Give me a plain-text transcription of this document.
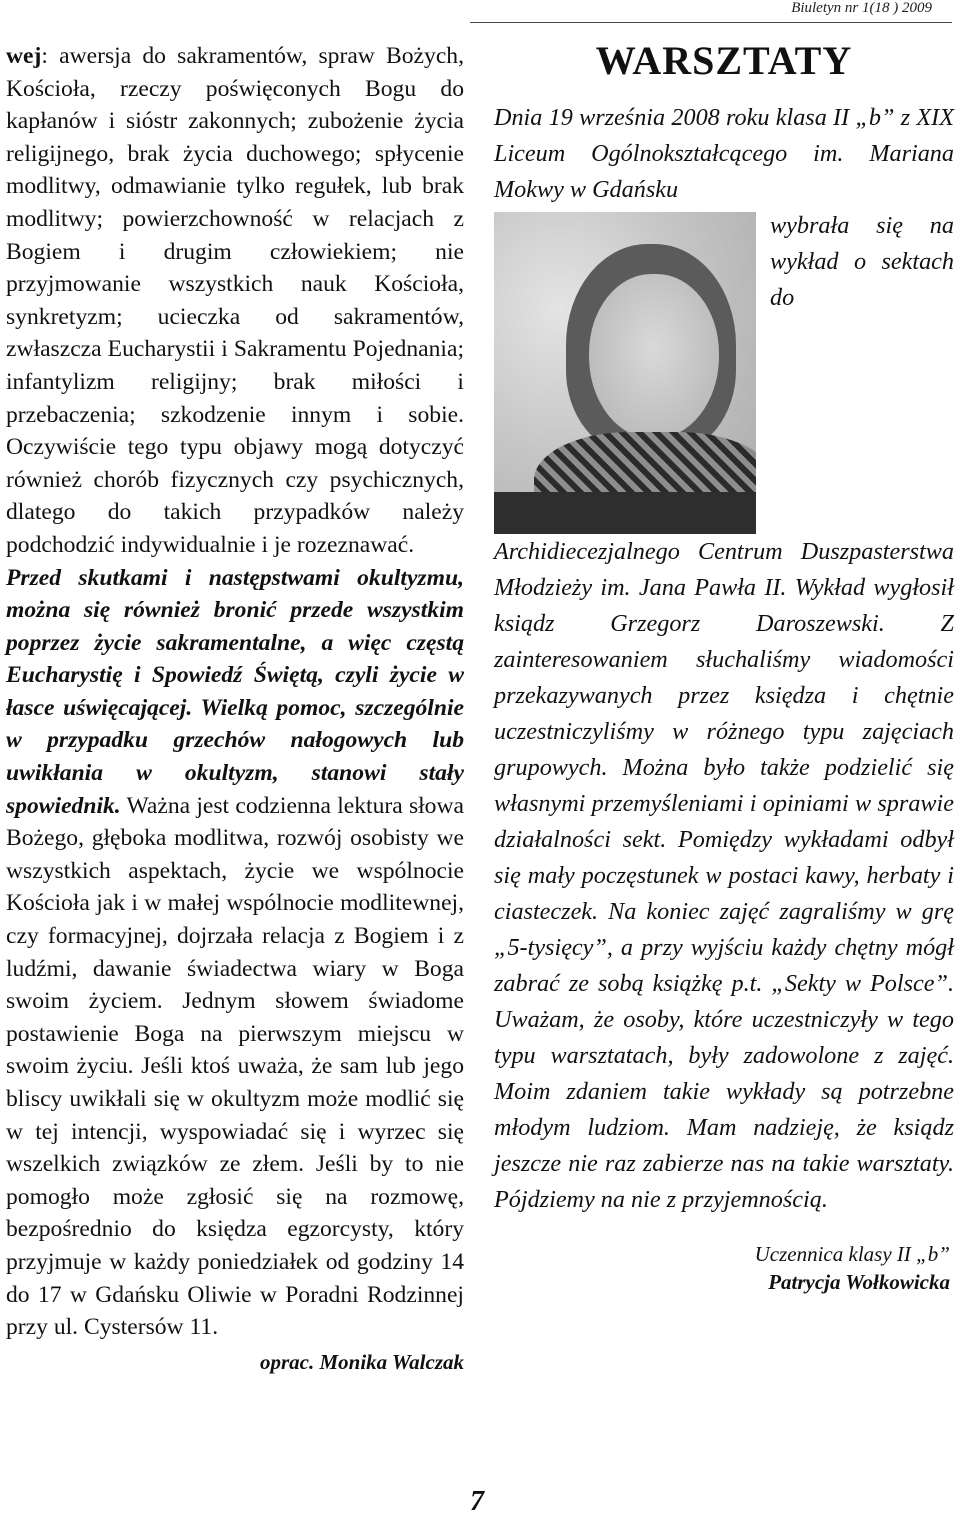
Biuletyn nr 1(18 ) 2009

wej: awersja do sakramentów, spraw Bożych, Kościoła, rzeczy poświęconych Bogu do kapłanów i sióstr zakonnych; zubożenie życia religijnego, brak życia duchowego; spłycenie modlitwy, odmawianie tylko regułek, lub brak modlitwy; powierzchowność w relacjach z Bogiem i drugim człowiekiem; nie przyjmowanie wszystkich nauk Kościoła, synkretyzm; ucieczka od sakramentów, zwłaszcza Eucharystii i Sakramentu Pojednania; infantylizm religijny; brak miłości i przebaczenia; szkodzenie innym i sobie. Oczywiście tego typu objawy mogą dotyczyć również chorób fizycznych czy psychicznych, dlatego do takich przypadków należy podchodzić indywidualnie i je rozeznawać.

Przed skutkami i następstwami okultyzmu, można się również bronić przede wszystkim poprzez życie sakramentalne, a więc częstą Eucharystię i Spowiedź Świętą, czyli życie w łasce uświęcającej. Wielką pomoc, szczególnie w przypadku grzechów nałogowych lub uwikłania w okultyzm, stanowi stały spowiednik. Ważna jest codzienna lektura słowa Bożego, głęboka modlitwa, rozwój osobisty we wszystkich aspektach, życie we wspólnocie Kościoła jak i w małej wspólnocie modlitewnej, czy formacyjnej, dojrzała relacja z Bogiem i z ludźmi, dawanie świadectwa wiary w Boga swoim życiem. Jednym słowem świadome postawienie Boga na pierwszym miejscu w swoim życiu. Jeśli ktoś uważa, że sam lub jego bliscy uwikłali się w okultyzm może modlić się w tej intencji, wyspowiadać się i wyrzec się wszelkich związków ze złem. Jeśli by to nie pomogło może zgłosić się na rozmowę, bezpośrednio do księdza egzorcysty, który przyjmuje w każdy poniedziałek od godziny 14 do 17 w Gdańsku Oliwie w Poradni Rodzinnej przy ul. Cystersów 11.

oprac. Monika Walczak
WARSZTATY

Dnia 19 września 2008 roku klasa II „b” z XIX Liceum Ogólnokształcącego im. Mariana Mokwy w Gdańsku

wybrała się na wykład o sektach do Archidiecezjalnego Centrum Duszpasterstwa Młodzieży im. Jana Pawła II. Wykład wygłosił ksiądz Grzegorz Daroszewski. Z zainteresowaniem słuchaliśmy wiadomości przekazywanych przez księdza i chętnie uczestniczyliśmy w różnego typu zajęciach grupowych. Można było także podzielić się własnymi przemyśleniami i opiniami w sprawie działalności sekt. Pomiędzy wykładami odbył się mały poczęstunek w postaci kawy, herbaty i ciasteczek. Na koniec zajęć zagraliśmy w grę „5-tysięcy”, a przy wyjściu każdy chętny mógł zabrać ze sobą książkę p.t. „Sekty w Polsce”. Uważam, że osoby, które uczestniczyły w tego typu warsztatach, były zadowolone z zajęć. Moim zdaniem takie wykłady są potrzebne młodym ludziom. Mam nadzieję, że ksiądz jeszcze nie raz zabierze nas na takie warsztaty. Pójdziemy na nie z przyjemnością.

Uczennica klasy II „b”
Patrycja Wołkowicka
7
